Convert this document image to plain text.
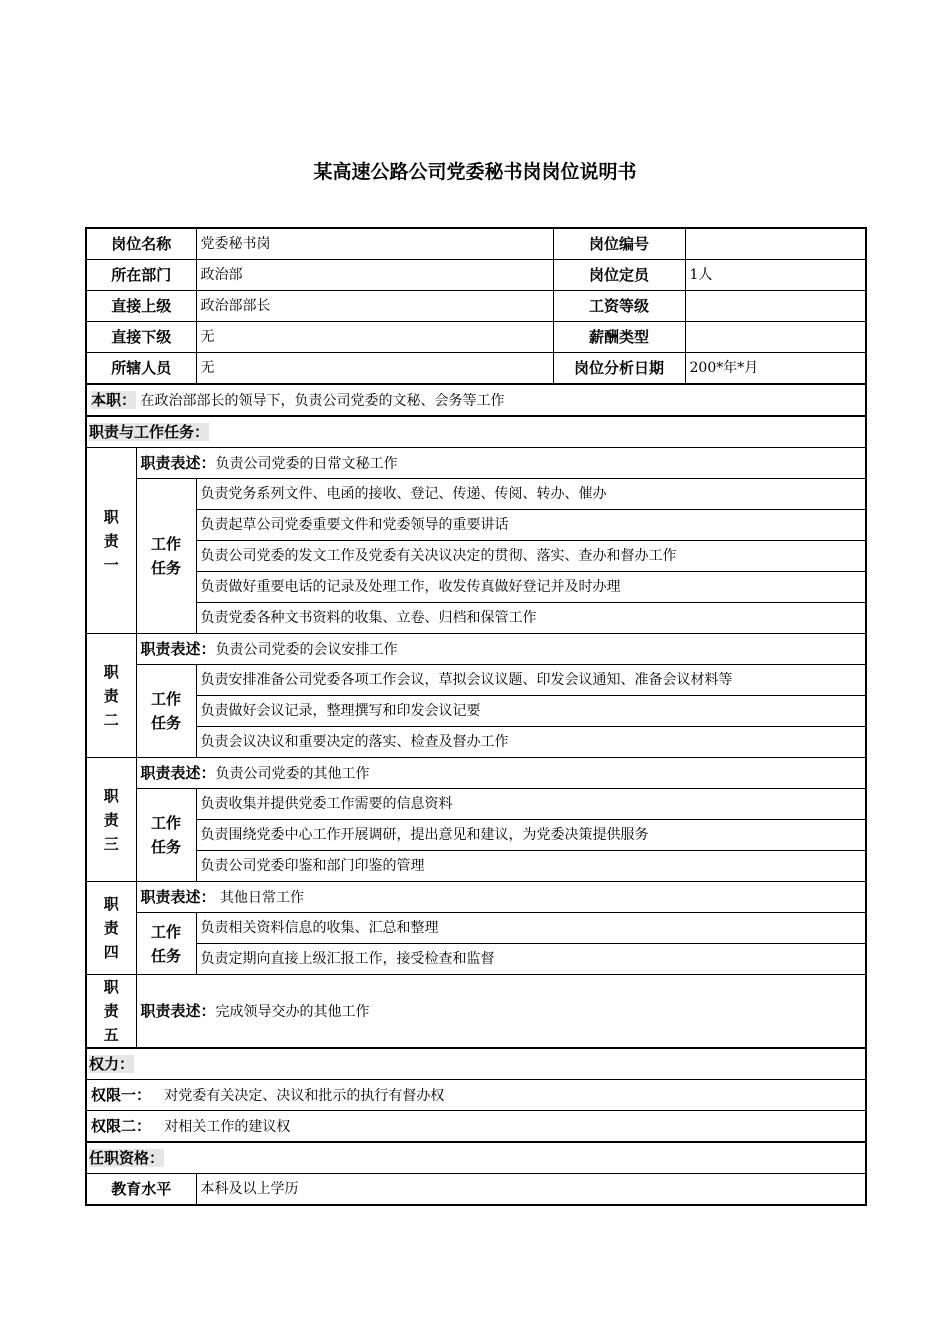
某高速公路公司党委秘书岗岗位说明书
岗位名称		党委秘书岗	岗位编号	
所在部门		政治部	岗位定员	1人
直接上级		政治部部长	工资等级	
直接下级		无	薪酬类型	
所辖人员		无	岗位分析日期	200*年*月
本职： 在政治部部长的领导下，负责公司党委的文秘、会务等工作				
职责与工作任务：				

职
责
一	职责表述：负责公司党委的日常文秘工作			

	工作
任务	负责党务系列文件、电函的接收、登记、传递、传阅、转办、催办		
		负责起草公司党委重要文件和党委领导的重要讲话		
		负责公司党委的发文工作及党委有关决议决定的贯彻、落实、查办和督办工作		
		负责做好重要电话的记录及处理工作，收发传真做好登记并及时办理		
		负责党委各种文书资料的收集、立卷、归档和保管工作		

职
责
二	职责表述：负责公司党委的会议安排工作			

	工作
任务	负责安排准备公司党委各项工作会议，草拟会议议题、印发会议通知、准备会议材料等		
		负责做好会议记录，整理撰写和印发会议记要		
		负责会议决议和重要决定的落实、检查及督办工作		

职
责
三	职责表述：负责公司党委的其他工作			

	工作
任务	负责收集并提供党委工作需要的信息资料		
		负责围绕党委中心工作开展调研，提出意见和建议，为党委决策提供服务		
		负责公司党委印鉴和部门印鉴的管理		

职
责
四	职责表述： 其他日常工作			

	工作
任务	负责相关资料信息的收集、汇总和整理		
		负责定期向直接上级汇报工作，接受检查和监督		

职
责
五	职责表述：完成领导交办的其他工作			
权力：				
权限一： 对党委有关决定、决议和批示的执行有督办权				
权限二： 对相关工作的建议权				
任职资格：				
教育水平		本科及以上学历		
